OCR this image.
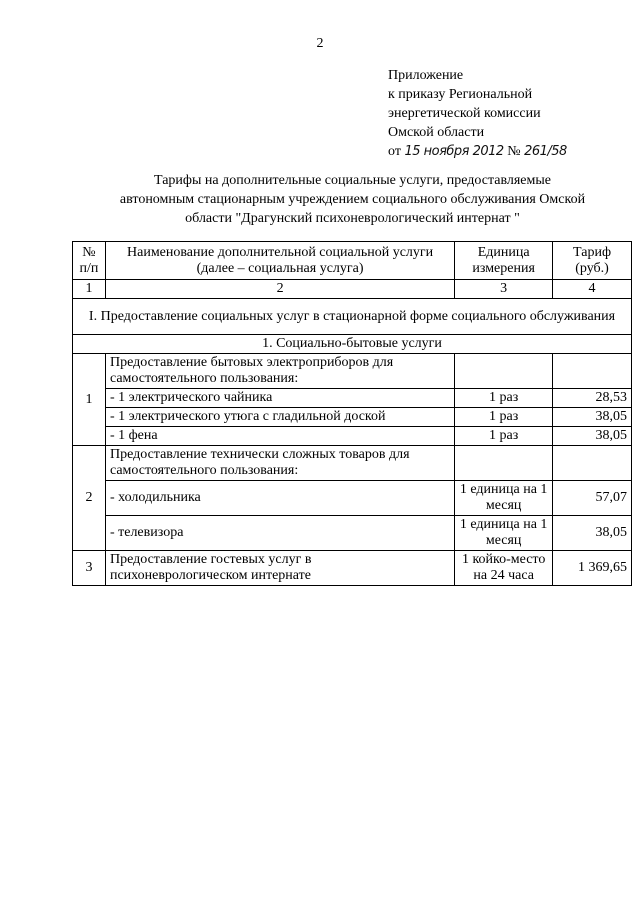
2
Приложение
к приказу Региональной
энергетической комиссии
Омской области
от 15 ноября 2012 № 261/58
Тарифы на дополнительные социальные услуги, предоставляемые
автономным стационарным учреждением социального обслуживания Омской
области "Драгунский психоневрологический интернат "
№ п/п	Наименование дополнительной социальной услуги (далее – социальная услуга)	Единица измерения	Тариф (руб.)
1	2	3	4
I. Предоставление социальных услуг в стационарной форме социального обслуживания			
1. Социально-бытовые услуги			
1	Предоставление бытовых электроприборов для самостоятельного пользования:		
	- 1 электрического чайника	1 раз	28,53
	- 1 электрического утюга с гладильной доской	1 раз	38,05
	- 1 фена	1 раз	38,05
2	Предоставление технически сложных товаров для самостоятельного пользования:		
	- холодильника	1 единица на 1 месяц	57,07
	- телевизора	1 единица на 1 месяц	38,05
3	Предоставление гостевых услуг в психоневрологическом интернате	1 койко-место на 24 часа	1 369,65
